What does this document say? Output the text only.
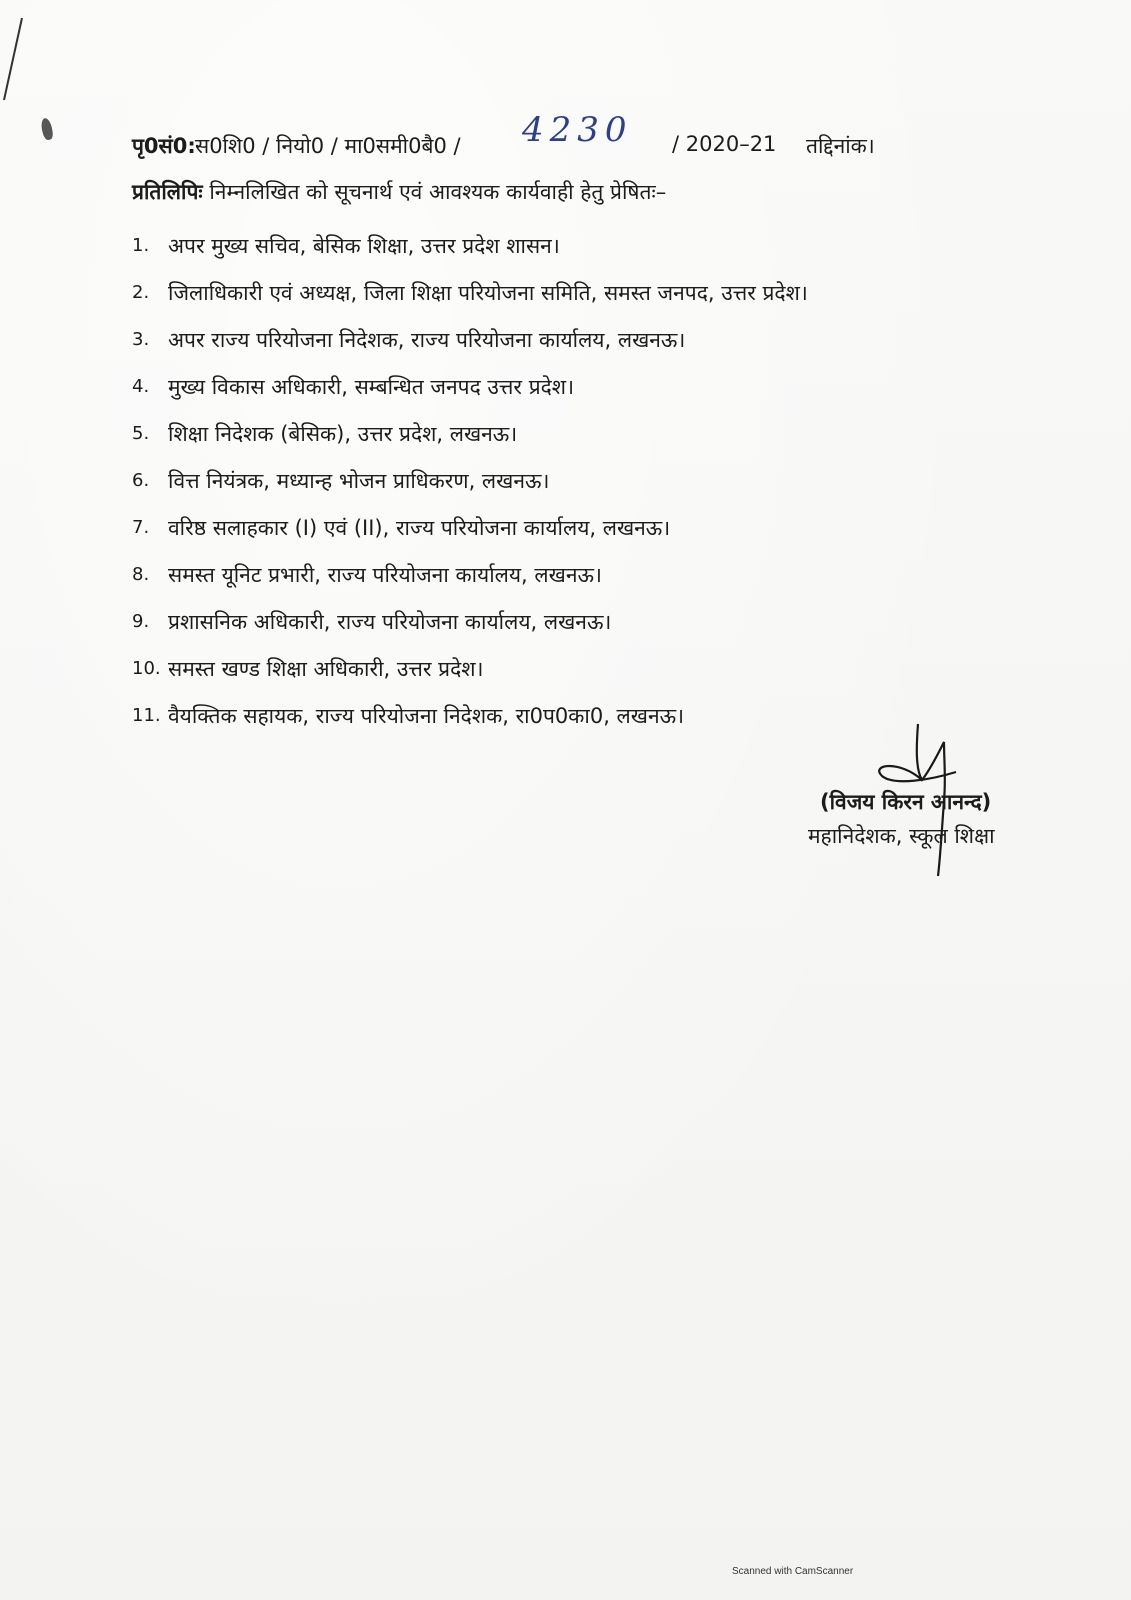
पृ0सं0: स0शि0 / नियो0 / मा0समी0बै0 / 4230 / 2020–21 तद्दिनांक।
प्रतिलिपिः निम्नलिखित को सूचनार्थ एवं आवश्यक कार्यवाही हेतु प्रेषितः–
1. अपर मुख्य सचिव, बेसिक शिक्षा, उत्तर प्रदेश शासन।
2. जिलाधिकारी एवं अध्यक्ष, जिला शिक्षा परियोजना समिति, समस्त जनपद, उत्तर प्रदेश।
3. अपर राज्य परियोजना निदेशक, राज्य परियोजना कार्यालय, लखनऊ।
4. मुख्य विकास अधिकारी, सम्बन्धित जनपद उत्तर प्रदेश।
5. शिक्षा निदेशक (बेसिक), उत्तर प्रदेश, लखनऊ।
6. वित्त नियंत्रक, मध्यान्ह भोजन प्राधिकरण, लखनऊ।
7. वरिष्ठ सलाहकार (I) एवं (II), राज्य परियोजना कार्यालय, लखनऊ।
8. समस्त यूनिट प्रभारी, राज्य परियोजना कार्यालय, लखनऊ।
9. प्रशासनिक अधिकारी, राज्य परियोजना कार्यालय, लखनऊ।
10. समस्त खण्ड शिक्षा अधिकारी, उत्तर प्रदेश।
11. वैयक्तिक सहायक, राज्य परियोजना निदेशक, रा0प0का0, लखनऊ।
(विजय किरन आनन्द)
महानिदेशक, स्कूल शिक्षा
Scanned with CamScanner
